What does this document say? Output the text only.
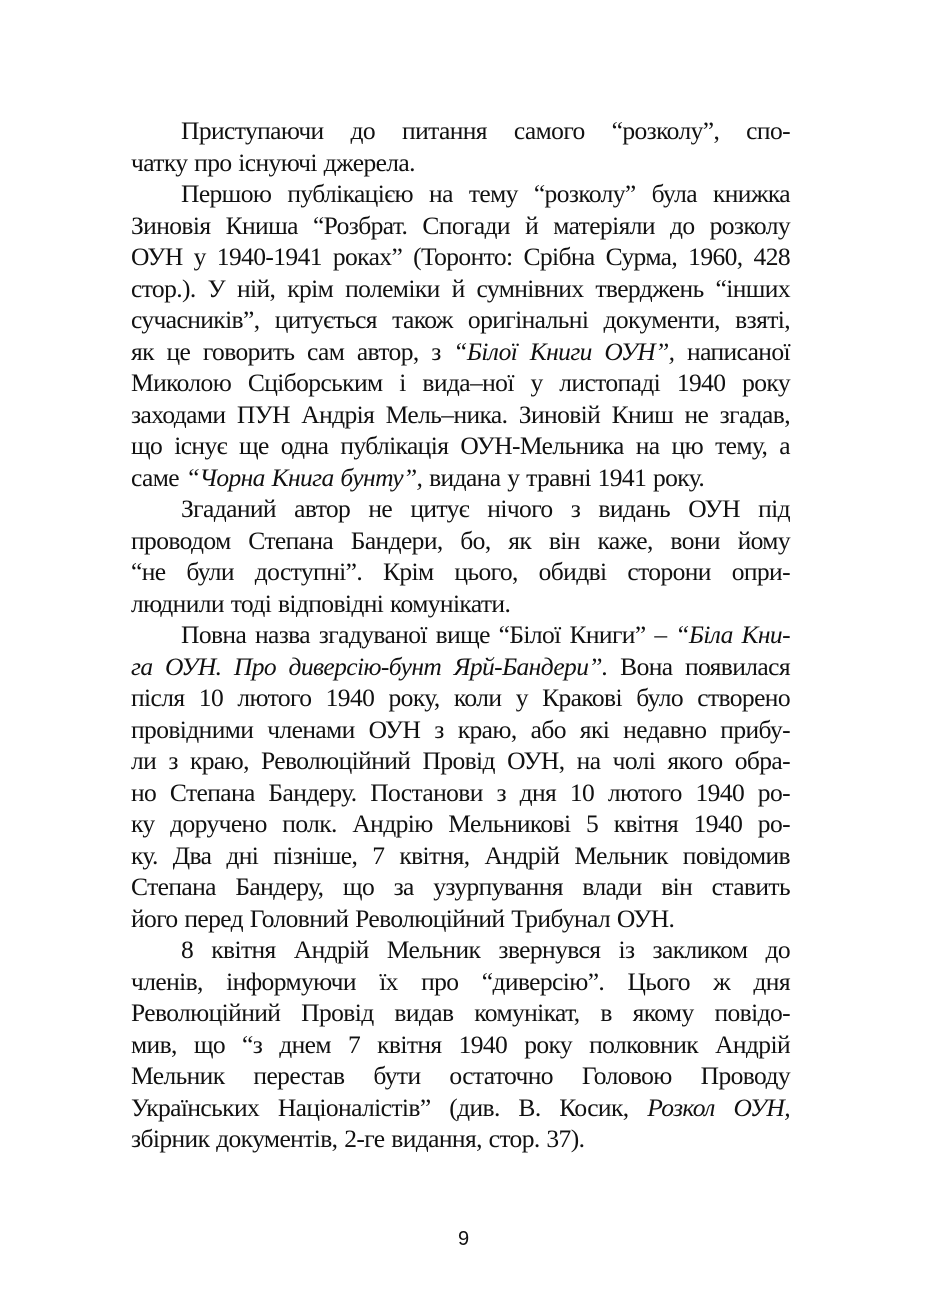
Приступаючи до питання самого “розколу”, спо-
чатку про існуючі джерела.
Першою публікацією на тему “розколу” була книжка
Зиновія Книша “Розбрат. Спогади й матеріяли до розколу
ОУН у 1940-1941 роках” (Торонто: Срібна Сурма, 1960, 428
стор.). У ній, крім полеміки й сумнівних тверджень “інших
сучасників”, цитується також оригінальні документи, взяті,
як це говорить сам автор, з “Білої Книги ОУН”, написаної
Миколою Сціборським і вида–ної у листопаді 1940 року
заходами ПУН Андрія Мель–ника. Зиновій Книш не згадав,
що існує ще одна публікація ОУН-Мельника на цю тему, а
саме “Чорна Книга бунту”, видана у травні 1941 року.
Згаданий автор не цитує нічого з видань ОУН під
проводом Степана Бандери, бо, як він каже, вони йому
“не були доступні”. Крім цього, обидві сторони опри-
люднили тоді відповідні комунікати.
Повна назва згадуваної вище “Білої Книги” – “Біла Кни-
га ОУН. Про диверсію-бунт Ярй-Бандери”. Вона появилася
після 10 лютого 1940 року, коли у Кракові було створено
провідними членами ОУН з краю, або які недавно прибу-
ли з краю, Революційний Провід ОУН, на чолі якого обра-
но Степана Бандеру. Постанови з дня 10 лютого 1940 ро-
ку доручено полк. Андрію Мельникові 5 квітня 1940 ро-
ку. Два дні пізніше, 7 квітня, Андрій Мельник повідомив
Степана Бандеру, що за узурпування влади він ставить
його перед Головний Революційний Трибунал ОУН.
8 квітня Андрій Мельник звернувся із закликом до
членів, інформуючи їх про “диверсію”. Цього ж дня
Революційний Провід видав комунікат, в якому повідо-
мив, що “з днем 7 квітня 1940 року полковник Андрій
Мельник перестав бути остаточно Головою Проводу
Українських Націоналістів” (див. В. Косик, Розкол ОУН,
збірник документів, 2-ге видання, стор. 37).
9
